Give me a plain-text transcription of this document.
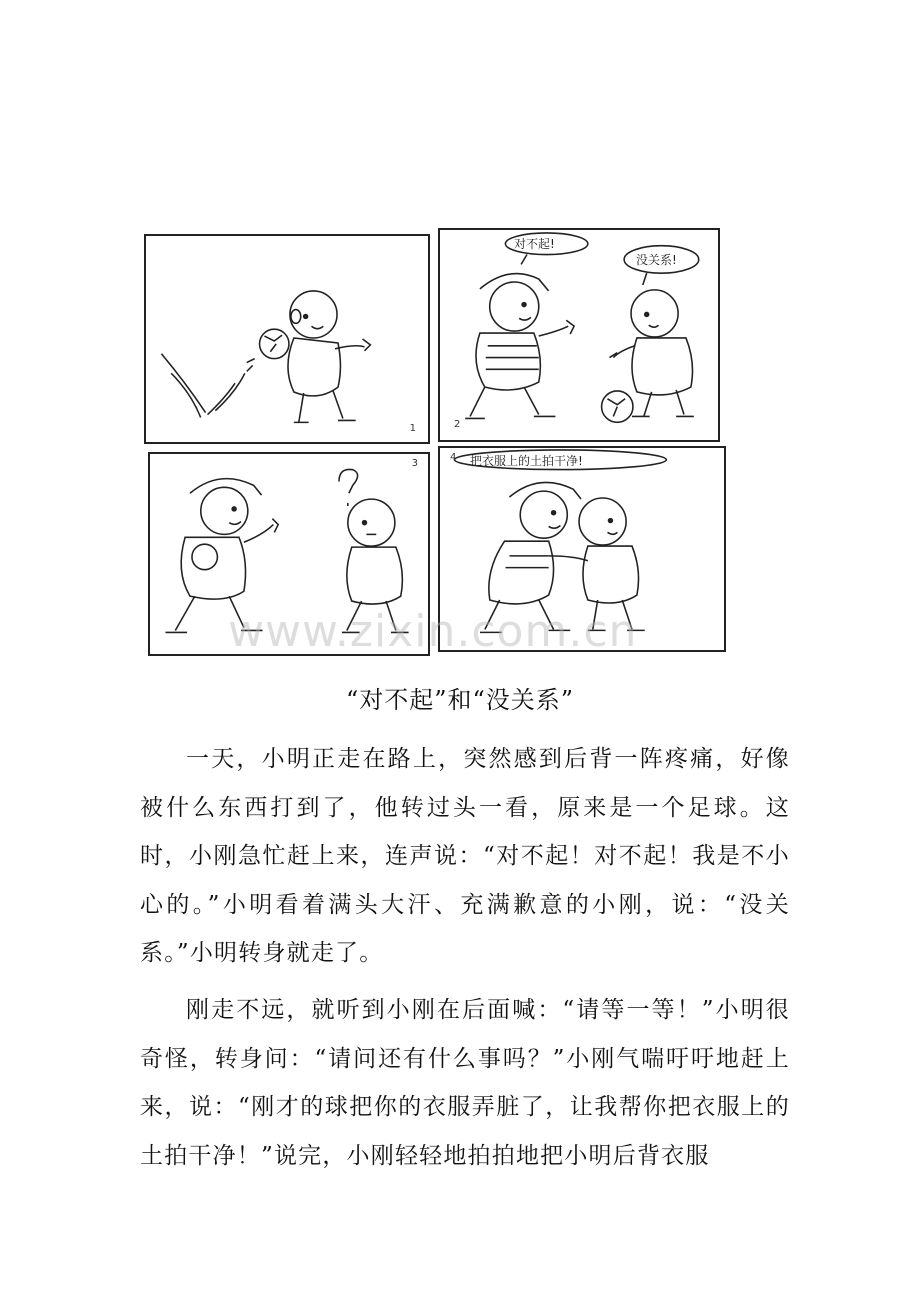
1
对不起!
没关系!
2
3	把衣服上的土拍干净!
4
www.zixin.com.cn
“对不起”和“没关系”

一天，小明正走在路上，突然感到后背一阵疼痛，好像被什么东西打到了，他转过头一看，原来是一个足球。这时，小刚急忙赶上来，连声说：“对不起！对不起！我是不小心的。”小明看着满头大汗、充满歉意的小刚，说：“没关系。”小明转身就走了。

刚走不远，就听到小刚在后面喊：“请等一等！”小明很奇怪，转身问：“请问还有什么事吗？”小刚气喘吁吁地赶上来，说：“刚才的球把你的衣服弄脏了，让我帮你把衣服上的土拍干净！”说完，小刚轻轻地拍拍地把小明后背衣服
